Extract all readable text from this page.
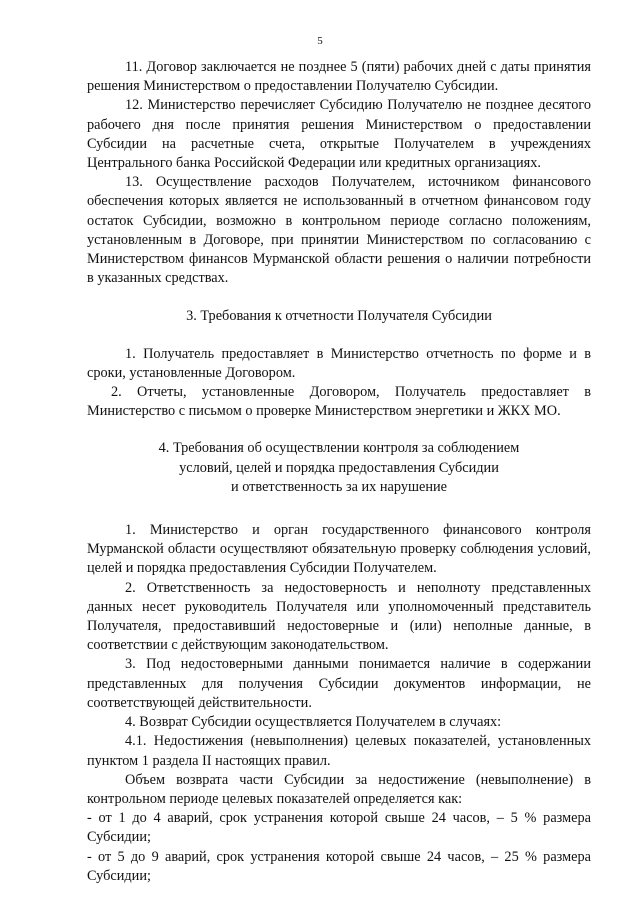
5

11. Договор заключается не позднее 5 (пяти) рабочих дней с даты принятия решения Министерством о предоставлении Получателю Субсидии.

12. Министерство перечисляет Субсидию Получателю не позднее десятого рабочего дня после принятия решения Министерством о предоставлении Субсидии на расчетные счета, открытые Получателем в учреждениях Центрального банка Российской Федерации или кредитных организациях.

13. Осуществление расходов Получателем, источником финансового обеспечения которых является не использованный в отчетном финансовом году остаток Субсидии, возможно в контрольном периоде согласно положениям, установленным в Договоре, при принятии Министерством по согласованию с Министерством финансов Мурманской области решения о наличии потребности в указанных средствах.

3. Требования к отчетности Получателя Субсидии

1. Получатель предоставляет в Министерство отчетность по форме и в сроки, установленные Договором.

2. Отчеты, установленные Договором, Получатель предоставляет в Министерство с письмом о проверке Министерством энергетики и ЖКХ МО.

4. Требования об осуществлении контроля за соблюдением

условий, целей и порядка предоставления Субсидии

и ответственность за их нарушение

1. Министерство и орган государственного финансового контроля Мурманской области осуществляют обязательную проверку соблюдения условий, целей и порядка предоставления Субсидии Получателем.

2. Ответственность за недостоверность и неполноту представленных данных несет руководитель Получателя или уполномоченный представитель Получателя, предоставивший недостоверные и (или) неполные данные, в соответствии с действующим законодательством.

3. Под недостоверными данными понимается наличие в содержании представленных для получения Субсидии документов информации, не соответствующей действительности.

4. Возврат Субсидии осуществляется Получателем в случаях:

4.1. Недостижения (невыполнения) целевых показателей, установленных пунктом 1 раздела II настоящих правил.

Объем возврата части Субсидии за недостижение (невыполнение) в контрольном периоде целевых показателей определяется как:

- от 1 до 4 аварий, срок устранения которой свыше 24 часов, – 5 % размера Субсидии;

- от 5 до 9 аварий, срок устранения которой свыше 24 часов, – 25 % размера Субсидии;
